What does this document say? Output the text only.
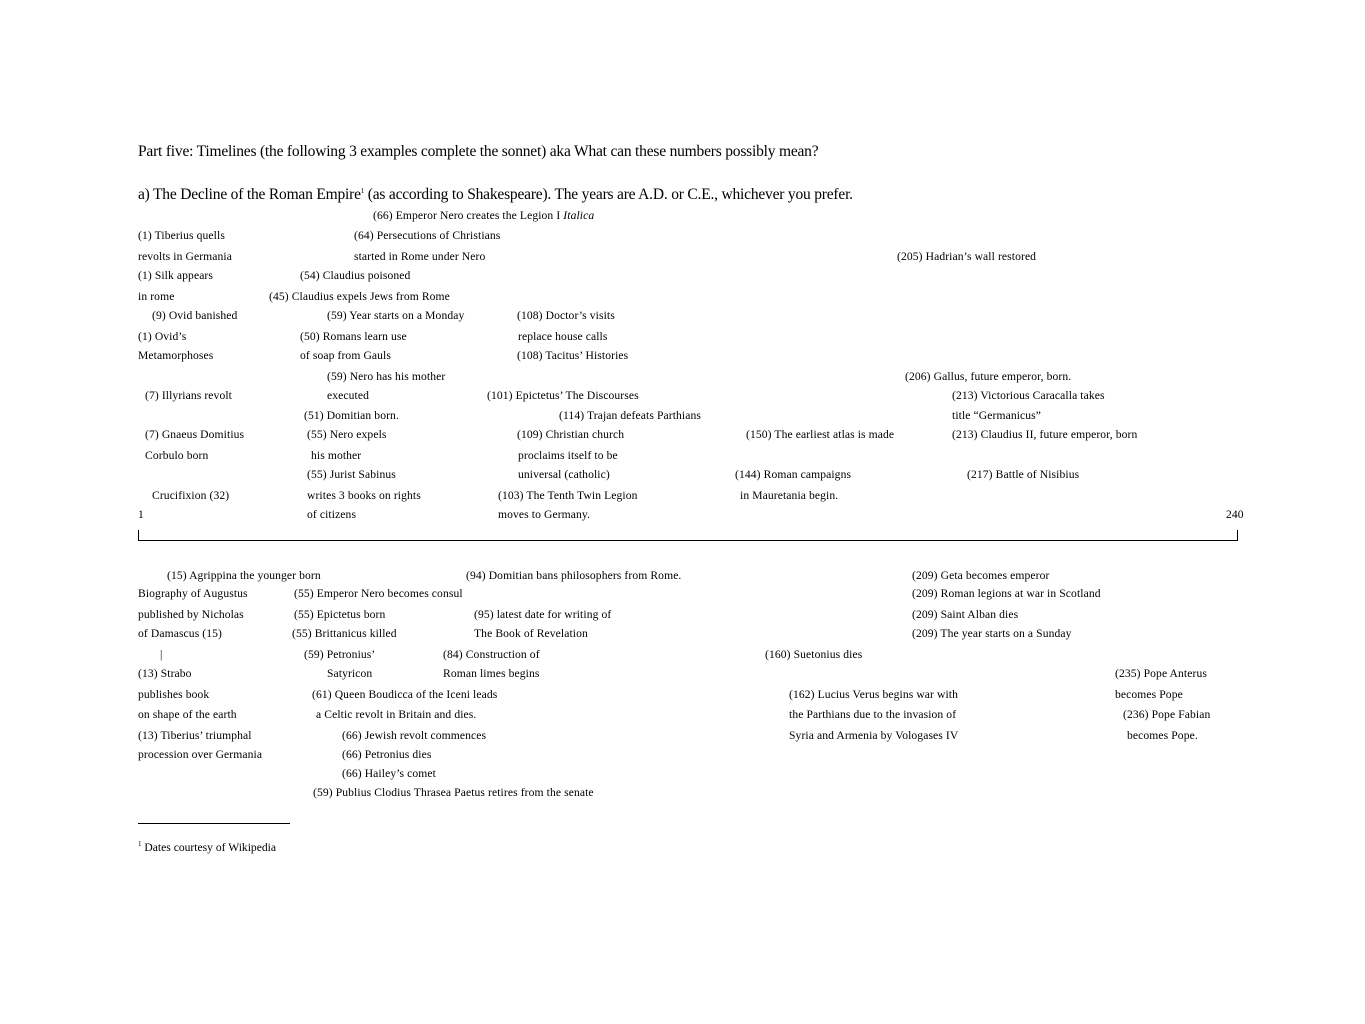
Part five: Timelines (the following 3 examples complete the sonnet) aka What can these numbers possibly mean?
a) The Decline of the Roman Empire$^1$ (as according to Shakespeare). The years are A.D. or C.E., whichever you prefer.
(66) Emperor Nero creates the Legion I Italica
(1) Tiberius quells	(64) Persecutions of Christians
revolts in Germania	started in Rome under Nero	(205) Hadrian’s wall restored
(1) Silk appears	(54) Claudius poisoned
in rome	(45) Claudius expels Jews from Rome
(9) Ovid banished	(59) Year starts on a Monday	(108) Doctor’s visits
(1) Ovid’s	(50) Romans learn use	replace house calls
Metamorphoses	of soap from Gauls	(108) Tacitus’ Histories
(59) Nero has his mother	(206) Gallus, future emperor, born.
(7) Illyrians revolt	executed	(101) Epictetus’ The Discourses	(213) Victorious Caracalla takes
(51) Domitian born.	(114) Trajan defeats Parthians	title “Germanicus”
(7) Gnaeus Domitius	(55) Nero expels	(109) Christian church	(150) The earliest atlas is made	(213) Claudius II, future emperor, born
Corbulo born	his mother	proclaims itself to be
(55) Jurist Sabinus	universal (catholic)	(144) Roman campaigns	(217) Battle of Nisibius
Crucifixion (32)	writes 3 books on rights	(103) The Tenth Twin Legion	in Mauretania begin.
of citizens	moves to Germany.
1	240
(15) Agrippina the younger born	(94) Domitian bans philosophers from Rome.	(209) Geta becomes emperor
Biography of Augustus	(55) Emperor Nero becomes consul	(209) Roman legions at war in Scotland
published by Nicholas	(55) Epictetus born	(95) latest date for writing of	(209) Saint Alban dies
of Damascus (15)	(55) Brittanicus killed	The Book of Revelation	(209) The year starts on a Sunday
|	(59) Petronius’	(84) Construction of	(160) Suetonius dies
(13) Strabo	Satyricon	Roman limes begins	(235) Pope Anterus
publishes book	(61) Queen Boudicca of the Iceni leads	(162) Lucius Verus begins war with	becomes Pope
on shape of the earth	a Celtic revolt in Britain and dies.	the Parthians due to the invasion of	(236) Pope Fabian
(13) Tiberius’ triumphal	(66) Jewish revolt commences	Syria and Armenia by Vologases IV	becomes Pope.
procession over Germania	(66) Petronius dies
(66) Hailey’s comet
(59) Publius Clodius Thrasea Paetus retires from the senate
$^1$ Dates courtesy of Wikipedia
